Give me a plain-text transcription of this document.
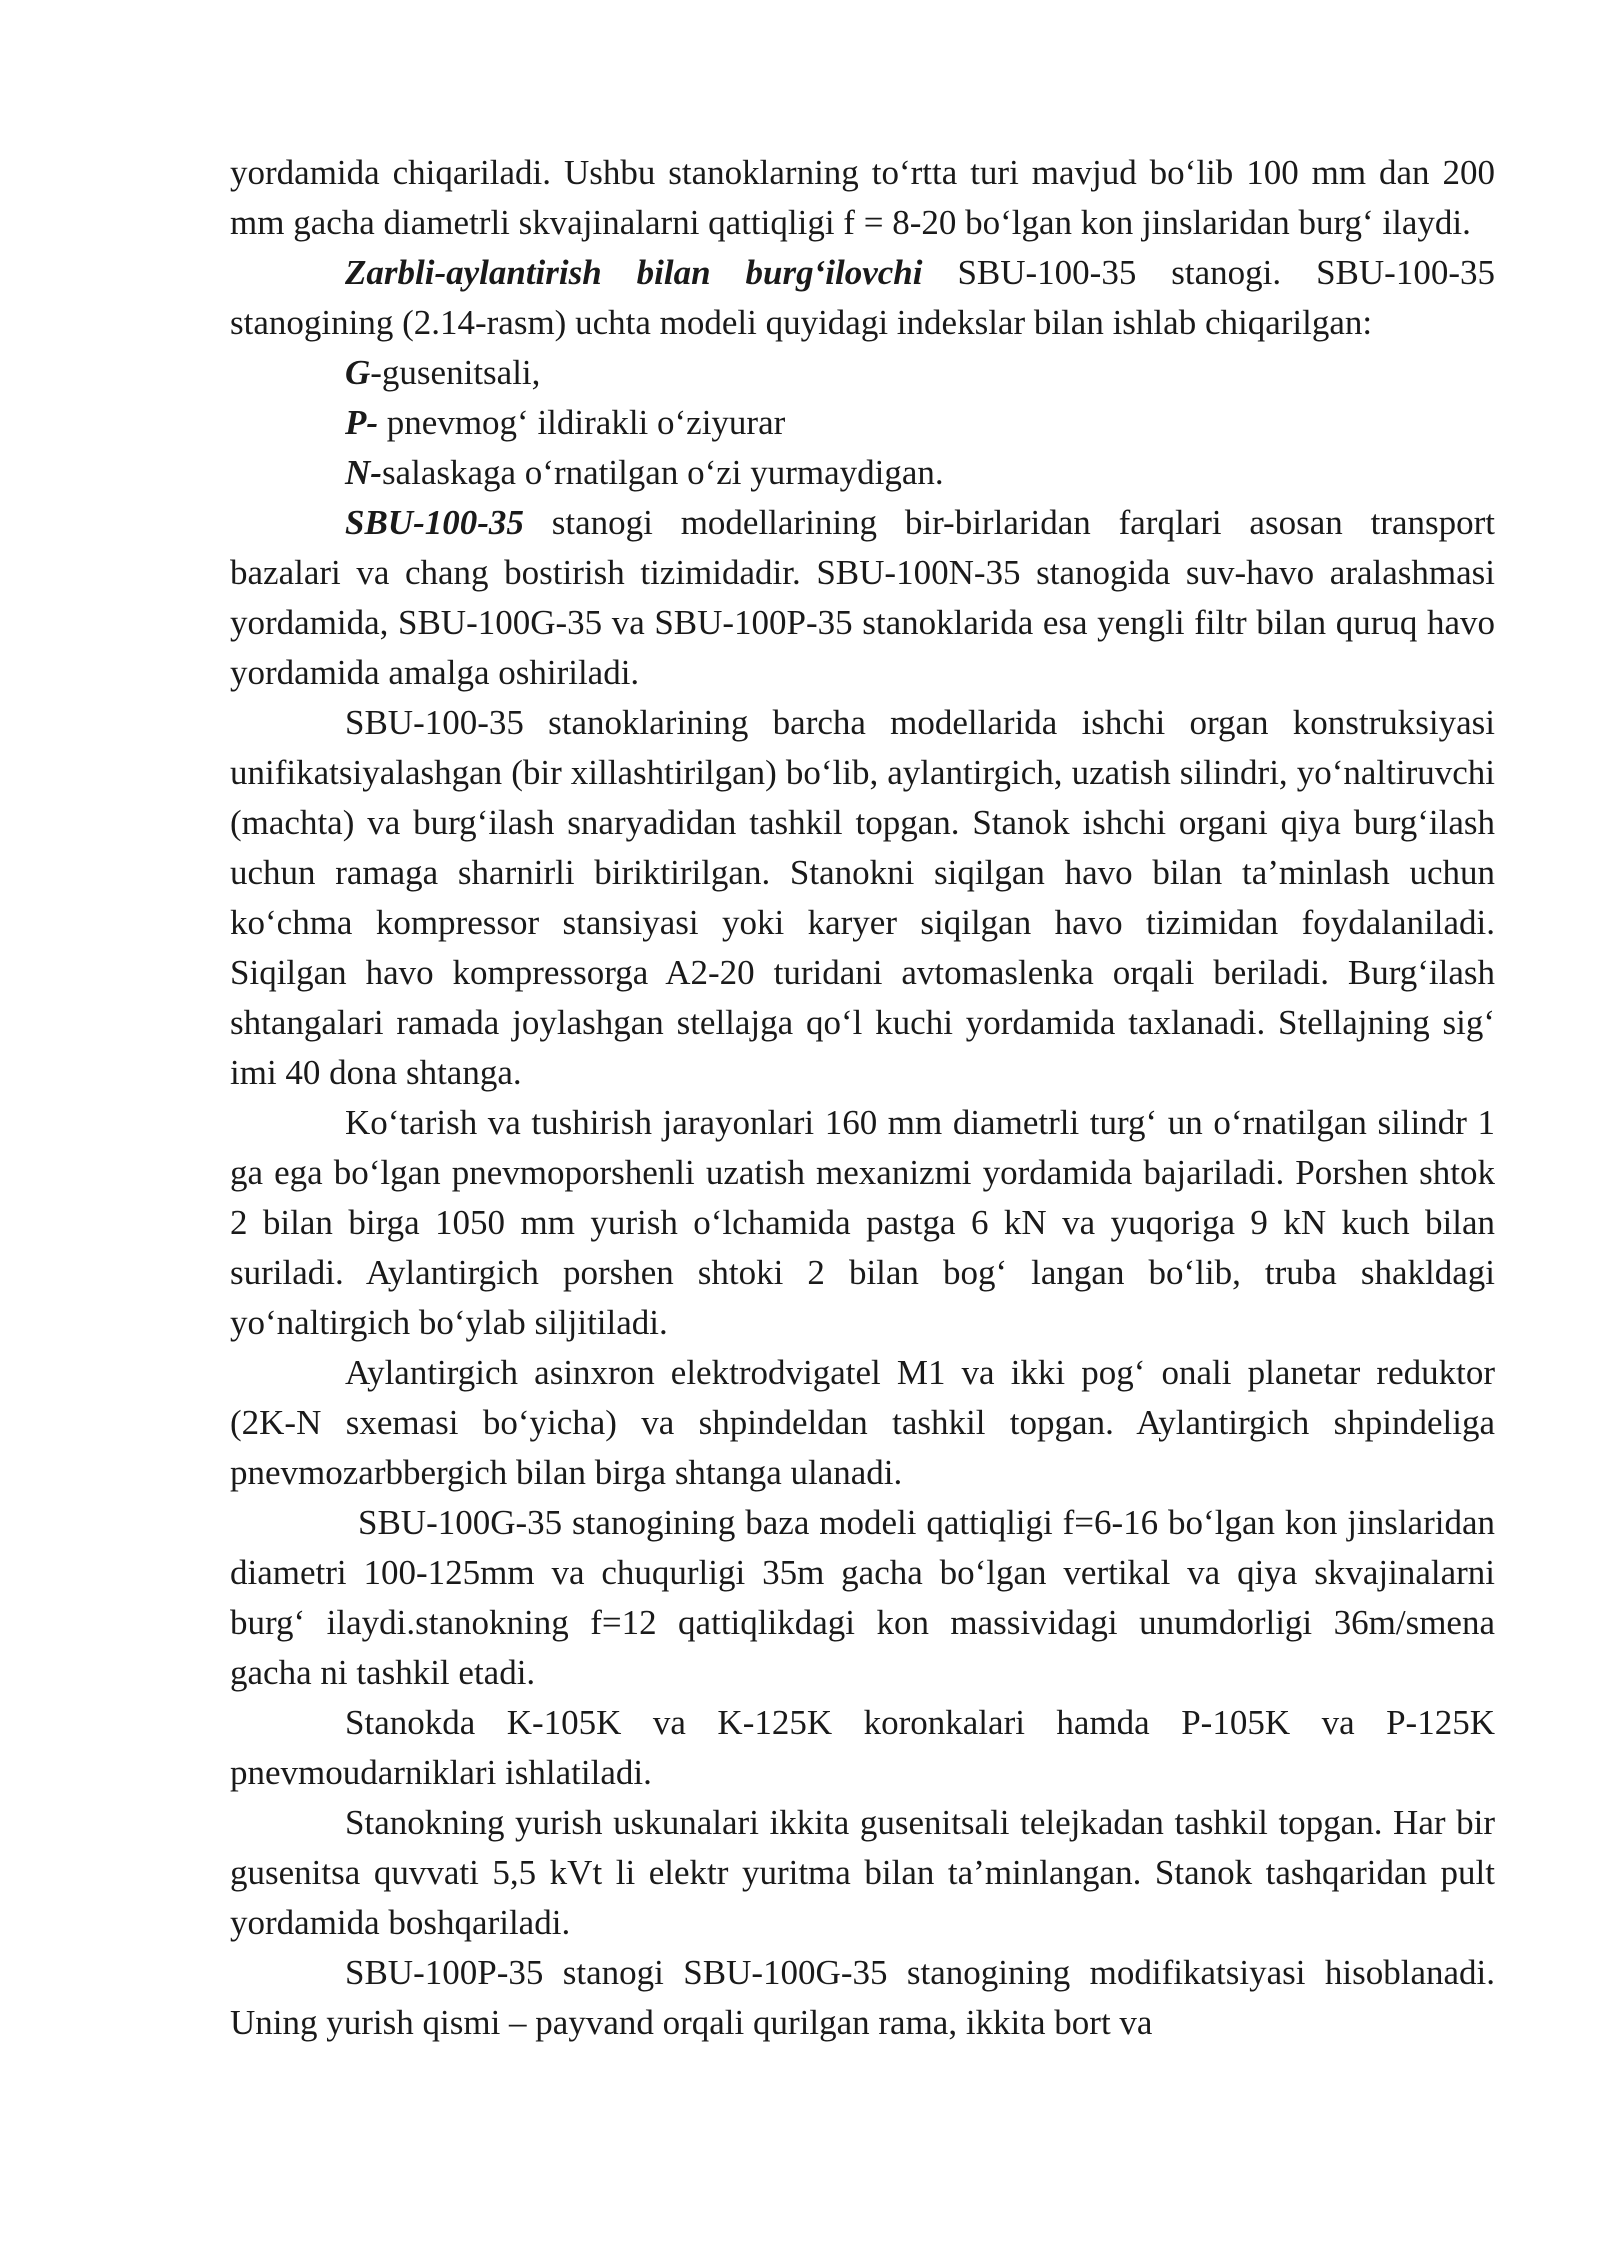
yordamida chiqariladi. Ushbu stanoklarning to‘rtta turi mavjud bo‘lib 100 mm dan 200 mm gacha diametrli skvajinalarni qattiqligi f = 8-20 bo‘lgan kon jinslaridan burg‘ ilaydi.

Zarbli-aylantirish bilan burg‘ilovchi SBU-100-35 stanogi. SBU-100-35 stanogining (2.14-rasm) uchta modeli quyidagi indekslar bilan ishlab chiqarilgan:

G-gusenitsali,

P- pnevmog‘ ildirakli o‘ziyurar

N-salaskaga o‘rnatilgan o‘zi yurmaydigan.

SBU-100-35 stanogi modellarining bir-birlaridan farqlari asosan transport bazalari va chang bostirish tizimidadir. SBU-100N-35 stanogida suv-havo aralashmasi yordamida, SBU-100G-35 va SBU-100P-35 stanoklarida esa yengli filtr bilan quruq havo yordamida amalga oshiriladi.

SBU-100-35 stanoklarining barcha modellarida ishchi organ konstruksiyasi unifikatsiyalashgan (bir xillashtirilgan) bo‘lib, aylantirgich, uzatish silindri, yo‘naltiruvchi (machta) va burg‘ilash snaryadidan tashkil topgan. Stanok ishchi organi qiya burg‘ilash uchun ramaga sharnirli biriktirilgan. Stanokni siqilgan havo bilan ta’minlash uchun ko‘chma kompressor stansiyasi yoki karyer siqilgan havo tizimidan foydalaniladi. Siqilgan havo kompressorga A2-20 turidani avtomaslenka orqali beriladi. Burg‘ilash shtangalari ramada joylashgan stellajga qo‘l kuchi yordamida taxlanadi. Stellajning sig‘ imi 40 dona shtanga.

Ko‘tarish va tushirish jarayonlari 160 mm diametrli turg‘ un o‘rnatilgan silindr 1 ga ega bo‘lgan pnevmoporshenli uzatish mexanizmi yordamida bajariladi. Porshen shtok 2 bilan birga 1050 mm yurish o‘lchamida pastga 6 kN va yuqoriga 9 kN kuch bilan suriladi. Aylantirgich porshen shtoki 2 bilan bog‘ langan bo‘lib, truba shakldagi yo‘naltirgich bo‘ylab siljitiladi.

Aylantirgich asinxron elektrodvigatel M1 va ikki pog‘ onali planetar reduktor (2K-N sxemasi bo‘yicha) va shpindeldan tashkil topgan. Aylantirgich shpindeliga pnevmozarbbergich bilan birga shtanga ulanadi.

SBU-100G-35 stanogining baza modeli qattiqligi f=6-16 bo‘lgan kon jinslaridan diametri 100-125mm va chuqurligi 35m gacha bo‘lgan vertikal va qiya skvajinalarni burg‘ ilaydi.stanokning f=12 qattiqlikdagi kon massividagi unumdorligi 36m/smena gacha ni tashkil etadi.

Stanokda K-105K va K-125K koronkalari hamda P-105K va P-125K pnevmoudarniklari ishlatiladi.

Stanokning yurish uskunalari ikkita gusenitsali telejkadan tashkil topgan. Har bir gusenitsa quvvati 5,5 kVt li elektr yuritma bilan ta’minlangan. Stanok tashqaridan pult yordamida boshqariladi.

SBU-100P-35 stanogi SBU-100G-35 stanogining modifikatsiyasi hisoblanadi. Uning yurish qismi – payvand orqali qurilgan rama, ikkita bort va
